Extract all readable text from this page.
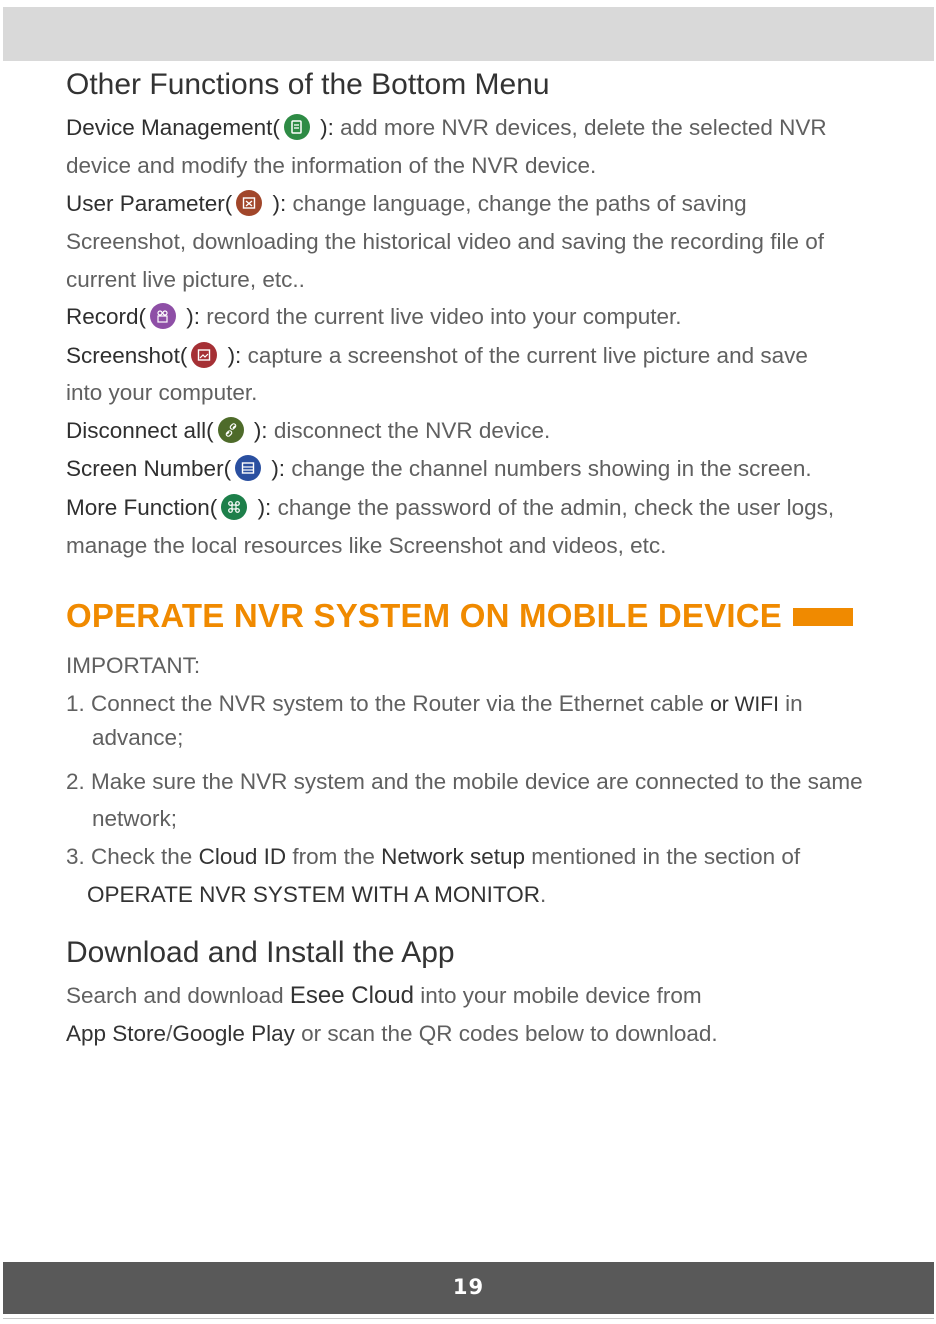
Other Functions of the Bottom Menu
Device Management(
): add more NVR devices, delete the selected NVR
device and modify the information of the NVR device.
User Parameter(
): change language, change the paths of saving
Screenshot, downloading the historical video and saving the recording file of
current live picture, etc..
Record(
): record the current live video into your computer.
Screenshot(
): capture a screenshot of the current live picture and save
into your computer.
Disconnect all(
): disconnect the NVR device.
Screen Number(
): change the channel numbers showing in the screen.
More Function(
): change the password of the admin, check the user logs,
manage the local resources like Screenshot and videos, etc.
OPERATE NVR SYSTEM ON MOBILE DEVICE
IMPORTANT:
1. Connect the NVR system to the Router via the Ethernet cable or WIFI in
advance;
2. Make sure the NVR system and the mobile device are connected to the same
network;
3. Check the Cloud ID from the Network setup mentioned in the section of
OPERATE NVR SYSTEM WITH A MONITOR.
Download and Install the App
Search and download Esee Cloud into your mobile device from
App Store/Google Play or scan the QR codes below to download.
19
